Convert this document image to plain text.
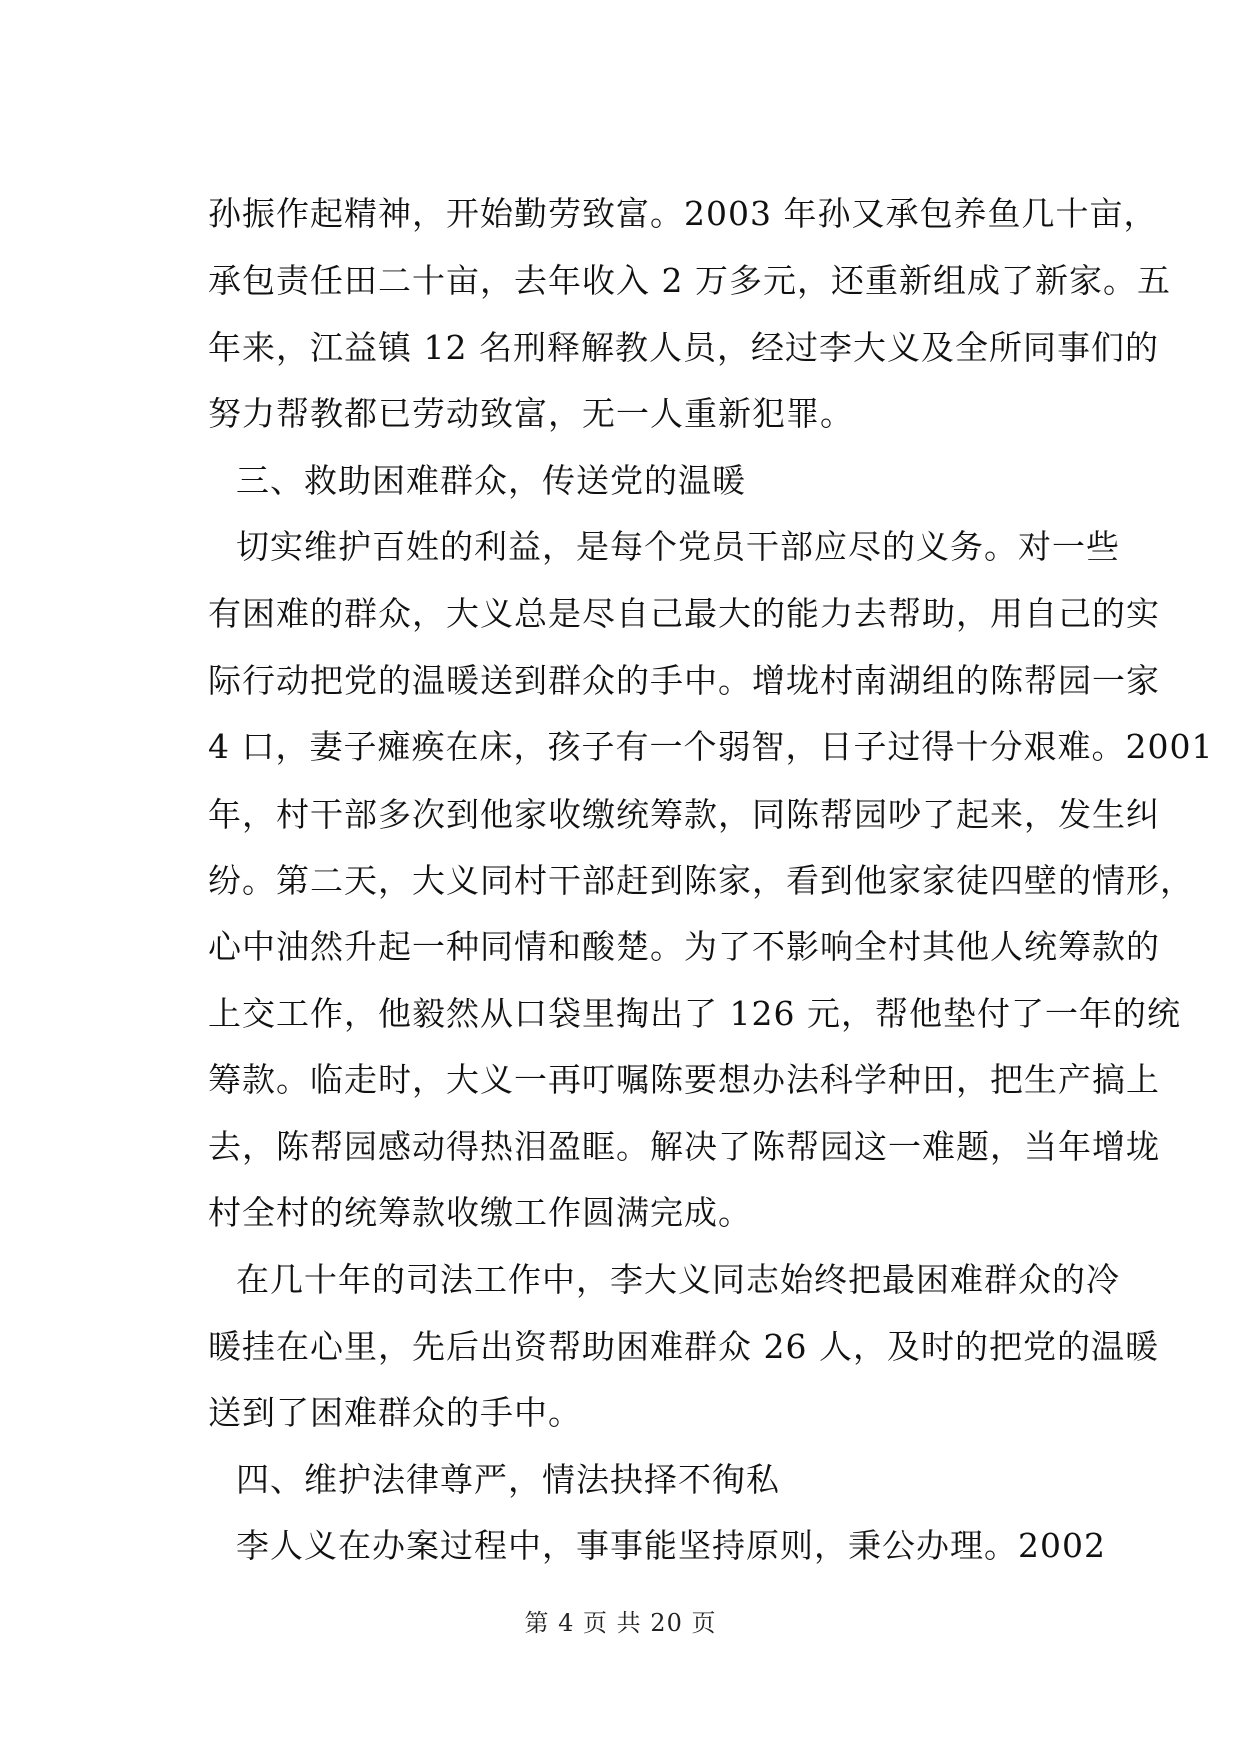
孙振作起精神，开始勤劳致富。2003 年孙又承包养鱼几十亩，
承包责任田二十亩，去年收入 2 万多元，还重新组成了新家。五
年来，江益镇 12 名刑释解教人员，经过李大义及全所同事们的
努力帮教都已劳动致富，无一人重新犯罪。
三、救助困难群众，传送党的温暖
切实维护百姓的利益，是每个党员干部应尽的义务。对一些
有困难的群众，大义总是尽自己最大的能力去帮助，用自己的实
际行动把党的温暖送到群众的手中。增垅村南湖组的陈帮园一家
4 口，妻子瘫痪在床，孩子有一个弱智，日子过得十分艰难。2001
年，村干部多次到他家收缴统筹款，同陈帮园吵了起来，发生纠
纷。第二天，大义同村干部赶到陈家，看到他家家徒四壁的情形，
心中油然升起一种同情和酸楚。为了不影响全村其他人统筹款的
上交工作，他毅然从口袋里掏出了 126 元，帮他垫付了一年的统
筹款。临走时，大义一再叮嘱陈要想办法科学种田，把生产搞上
去，陈帮园感动得热泪盈眶。解决了陈帮园这一难题，当年增垅
村全村的统筹款收缴工作圆满完成。
在几十年的司法工作中，李大义同志始终把最困难群众的冷
暖挂在心里，先后出资帮助困难群众 26 人，及时的把党的温暖
送到了困难群众的手中。
四、维护法律尊严，情法抉择不徇私
李人义在办案过程中，事事能坚持原则，秉公办理。2002
第 4 页 共 20 页
